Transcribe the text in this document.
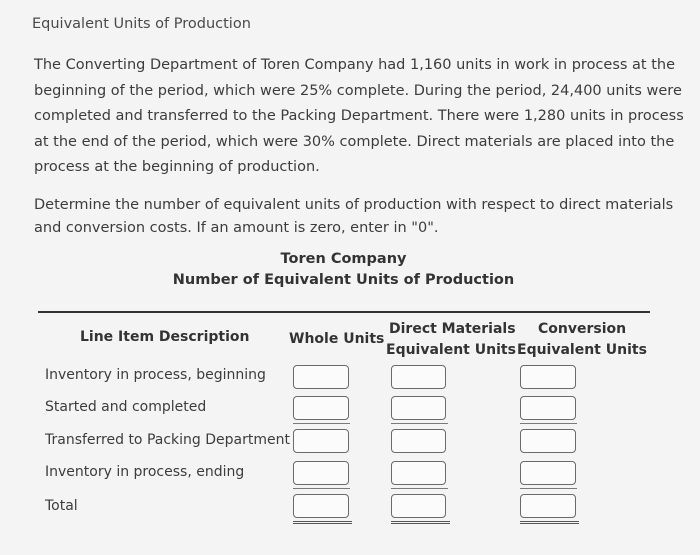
Equivalent Units of Production

The Converting Department of Toren Company had 1,160 units in work in process at the beginning of the period, which were 25% complete. During the period, 24,400 units were completed and transferred to the Packing Department. There were 1,280 units in process at the end of the period, which were 30% complete. Direct materials are placed into the process at the beginning of production.

Determine the number of equivalent units of production with respect to direct materials and conversion costs. If an amount is zero, enter in "0".

Toren Company
Number of Equivalent Units of Production
Line Item Description	Whole Units
Direct Materials
Equivalent Units
Conversion
Equivalent Units
Inventory in process, beginning
Started and completed
Transferred to Packing Department
Inventory in process, ending
Total
